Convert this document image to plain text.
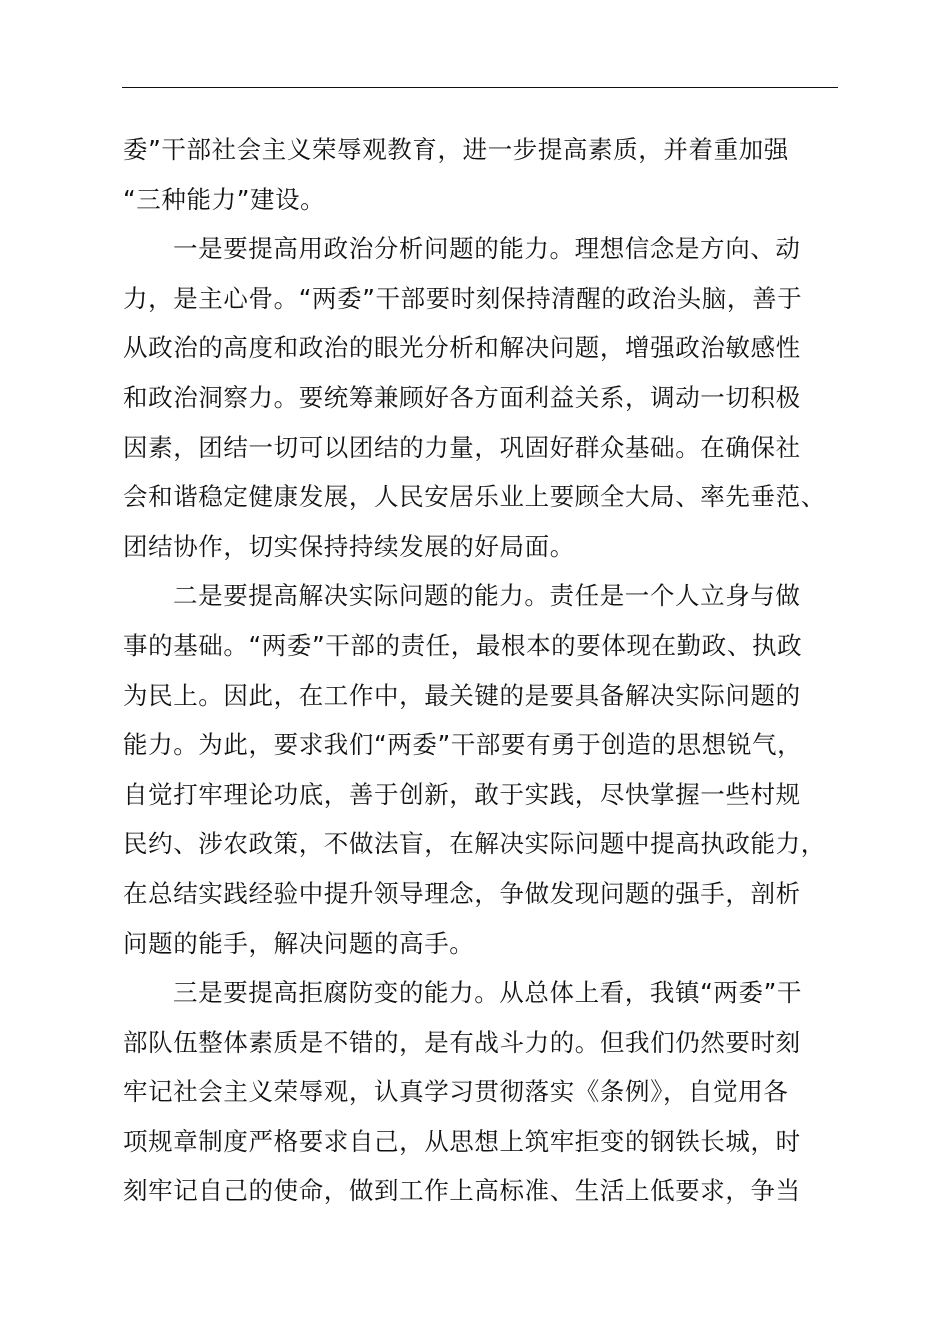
委”干部社会主义荣辱观教育，进一步提高素质，并着重加强
“三种能力”建设。
一是要提高用政治分析问题的能力。理想信念是方向、动
力，是主心骨。“两委”干部要时刻保持清醒的政治头脑，善于
从政治的高度和政治的眼光分析和解决问题，增强政治敏感性
和政治洞察力。要统筹兼顾好各方面利益关系，调动一切积极
因素，团结一切可以团结的力量，巩固好群众基础。在确保社
会和谐稳定健康发展，人民安居乐业上要顾全大局、率先垂范、
团结协作，切实保持持续发展的好局面。
二是要提高解决实际问题的能力。责任是一个人立身与做
事的基础。“两委”干部的责任，最根本的要体现在勤政、执政
为民上。因此，在工作中，最关键的是要具备解决实际问题的
能力。为此，要求我们“两委”干部要有勇于创造的思想锐气，
自觉打牢理论功底，善于创新，敢于实践，尽快掌握一些村规
民约、涉农政策，不做法盲，在解决实际问题中提高执政能力，
在总结实践经验中提升领导理念，争做发现问题的强手，剖析
问题的能手，解决问题的高手。
三是要提高拒腐防变的能力。从总体上看，我镇“两委”干
部队伍整体素质是不错的，是有战斗力的。但我们仍然要时刻
牢记社会主义荣辱观，认真学习贯彻落实《条例》，自觉用各
项规章制度严格要求自己，从思想上筑牢拒变的钢铁长城，时
刻牢记自己的使命，做到工作上高标准、生活上低要求，争当
